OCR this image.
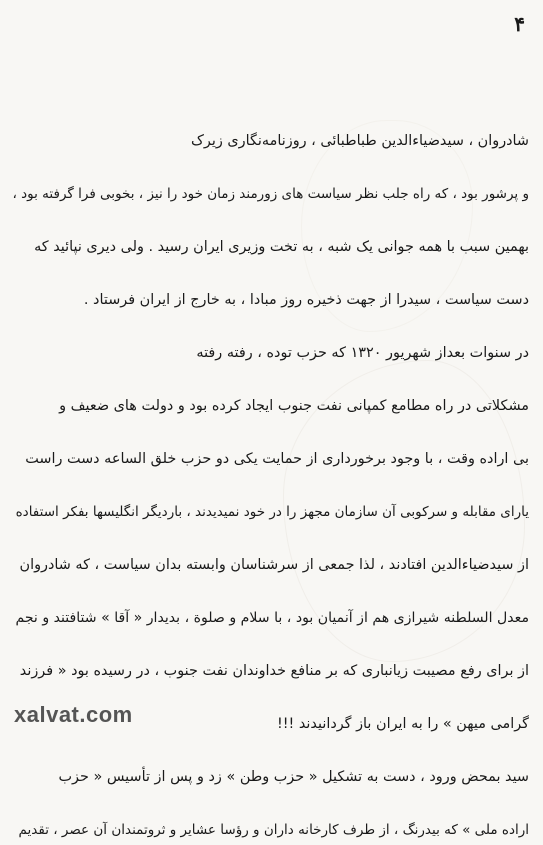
۴
شادروان ، سیدضیاءالدین طباطبائی ، روزنامه‌نگاری زیرک
و پرشور بود ، که راه جلب نظر سیاست های زورمند زمان خود را نیز ، بخوبی فرا گرفته بود ،
بهمین سبب با همه جوانی یک شبه ، به تخت وزیری ایران رسید . ولی دیری نپائید که
دست سیاست ، سیدرا از جهت ذخیره روز مبادا ، به خارج از ایران فرستاد .
در سنوات بعداز شهریور ۱۳۲۰ که حزب توده ، رفته رفته
مشکلاتی در راه مطامع کمپانی نفت جنوب ایجاد کرده بود و دولت های ضعیف و
بی اراده وقت ، با وجود برخورداری از حمایت یکی دو حزب خلق الساعه دست راست
یارای مقابله و سرکوبی آن سازمان مجهز را در خود نمیدیدند ، باردیگر انگلیسها بفکر استفاده
از سیدضیاءالدین افتادند ، لذا جمعی از سرشناسان وابسته بدان سیاست ، که شادروان
معدل السلطنه شیرازی هم از آنمیان بود ، با سلام و صلوة ، بدیدار « آقا » شتافتند و نجم
از برای رفع مصیبت زیانباری که بر منافع خداوندان نفت جنوب ، در رسیده بود « فرزند
گرامی میهن » را به ایران باز گردانیدند !!!
سید بمحض ورود ، دست به تشکیل « حزب وطن » زد و پس از تأسیس « حزب
اراده ملی » که بیدرنگ ، از طرف کارخانه داران و رؤسا عشایر و ثروتمندان آن عصر ، تقدیم
xalvat.com
